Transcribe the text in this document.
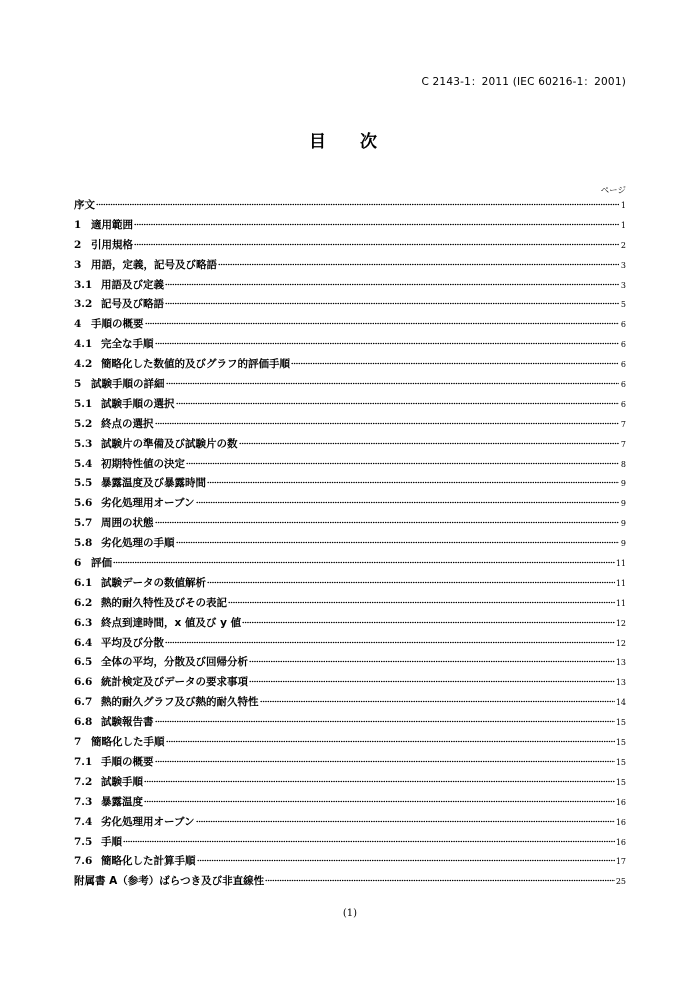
C 2143-1：2011 (IEC 60216-1：2001)
目 次
ページ
序文	1
1 適用範囲	1
2 引用規格	2
3 用語，定義，記号及び略語	3
3.1 用語及び定義	3
3.2 記号及び略語	5
4 手順の概要	6
4.1 完全な手順	6
4.2 簡略化した数値的及びグラフ的評価手順	6
5 試験手順の詳細	6
5.1 試験手順の選択	6
5.2 終点の選択	7
5.3 試験片の準備及び試験片の数	7
5.4 初期特性値の決定	8
5.5 暴露温度及び暴露時間	9
5.6 劣化処理用オーブン	9
5.7 周囲の状態	9
5.8 劣化処理の手順	9
6 評価	11
6.1 試験データの数値解析	11
6.2 熱的耐久特性及びその表記	11
6.3 終点到達時間，x 値及び y 値	12
6.4 平均及び分散	12
6.5 全体の平均，分散及び回帰分析	13
6.6 統計検定及びデータの要求事項	13
6.7 熱的耐久グラフ及び熱的耐久特性	14
6.8 試験報告書	15
7 簡略化した手順	15
7.1 手順の概要	15
7.2 試験手順	15
7.3 暴露温度	16
7.4 劣化処理用オーブン	16
7.5 手順	16
7.6 簡略化した計算手順	17
附属書 A（参考）ばらつき及び非直線性	25
(1)
